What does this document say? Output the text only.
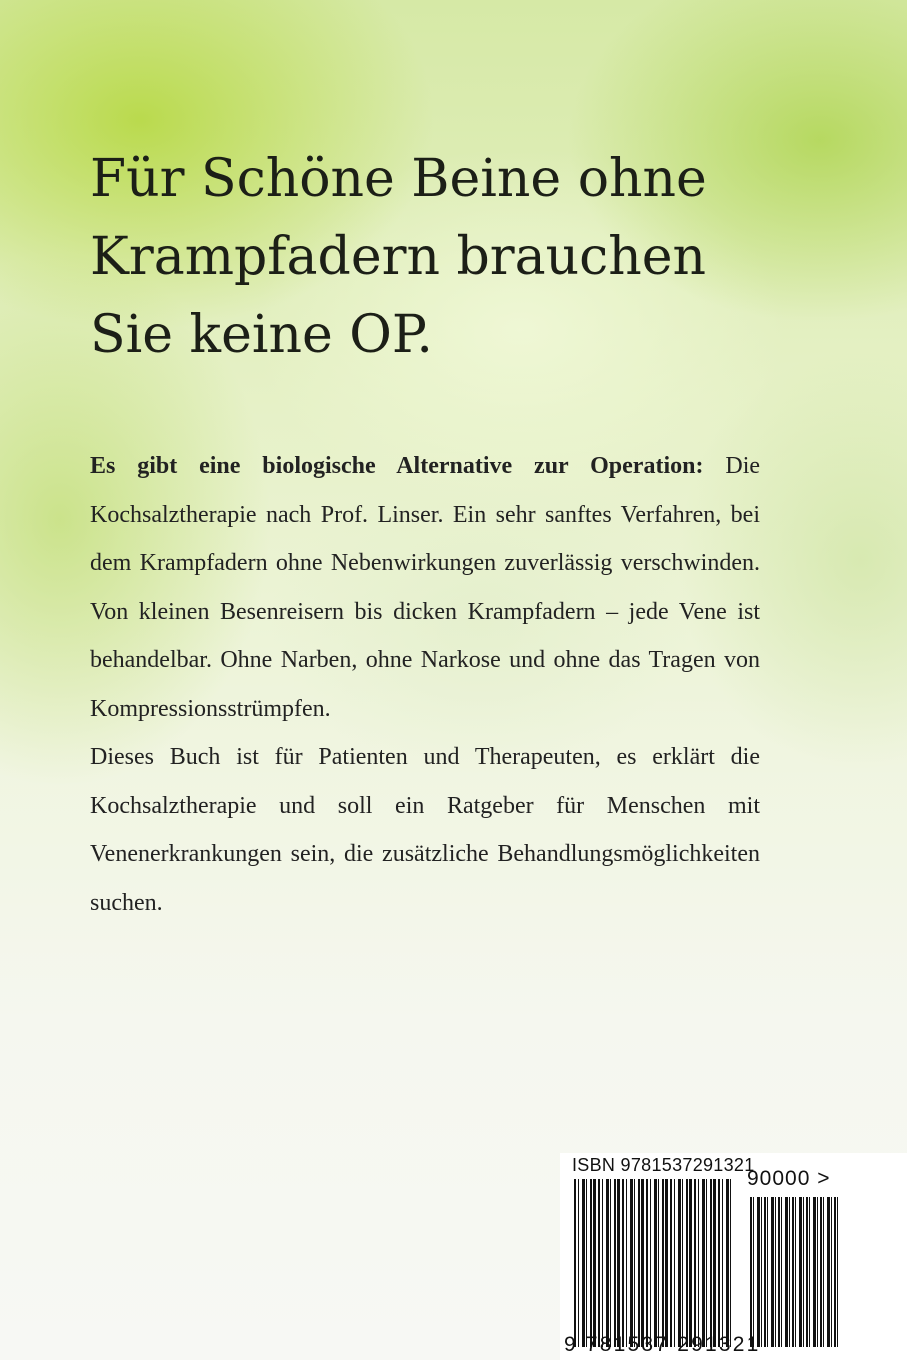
Für Schöne Beine ohne
Krampfadern brauchen
Sie keine OP.

Es gibt eine biologische Alternative zur Operation: Die Kochsalztherapie nach Prof. Linser. Ein sehr sanftes Verfahren, bei dem Krampfadern ohne Nebenwirkungen zuverlässig verschwinden. Von kleinen Besenreisern bis dicken Krampfadern – jede Vene ist behandelbar. Ohne Narben, ohne Narkose und ohne das Tragen von Kompressionsstrümpfen.

Dieses Buch ist für Patienten und Therapeuten, es erklärt die Kochsalztherapie und soll ein Ratgeber für Menschen mit Venenerkrankungen sein, die zusätzliche Behandlungsmöglichkeiten suchen.

ISBN 9781537291321
90000 >
9 781537 291321
